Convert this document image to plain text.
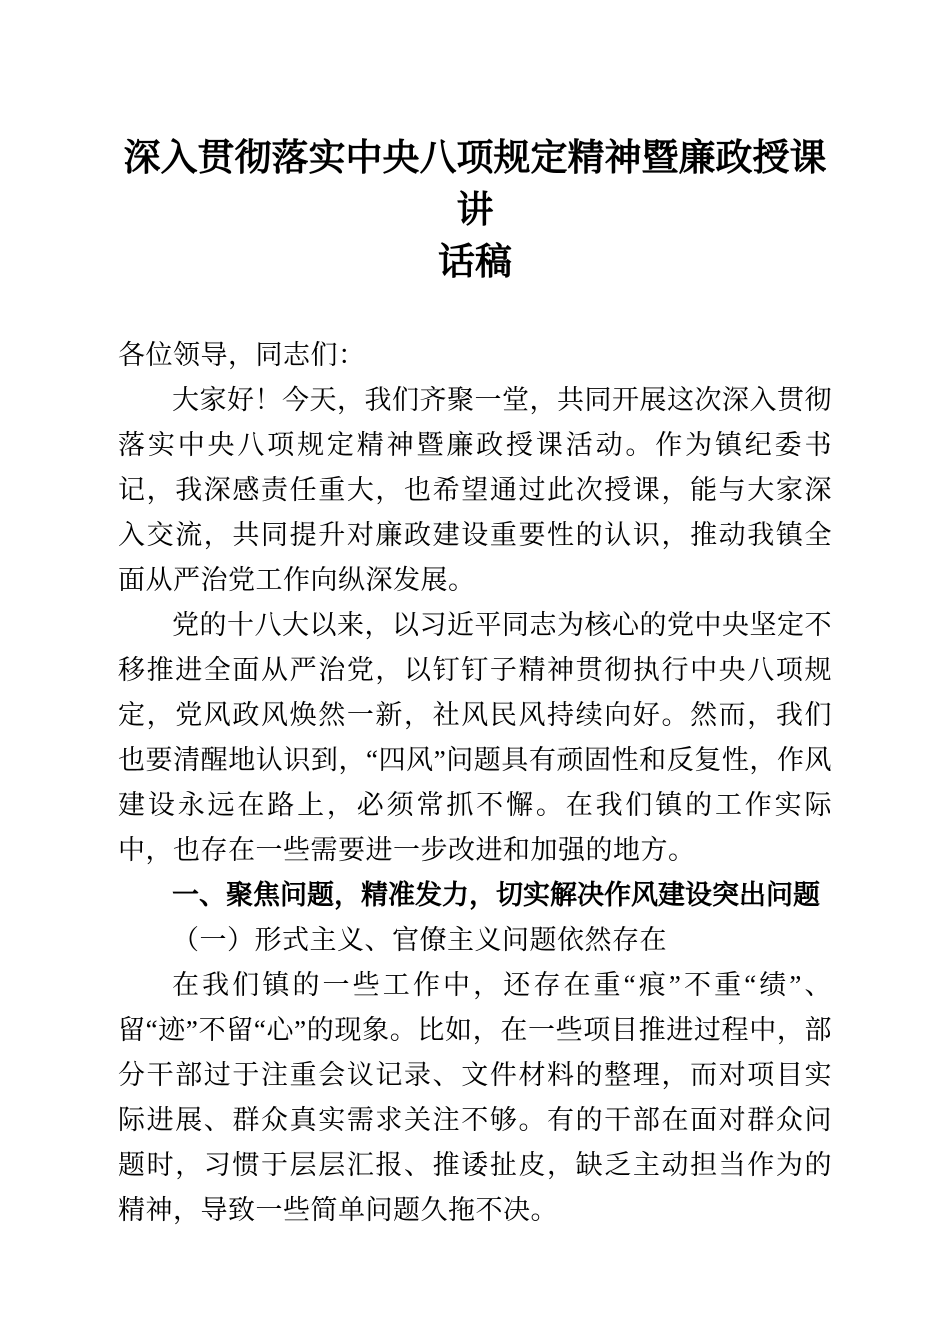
深入贯彻落实中央八项规定精神暨廉政授课讲
话稿

各位领导，同志们：

大家好！今天，我们齐聚一堂，共同开展这次深入贯彻落实中央八项规定精神暨廉政授课活动。作为镇纪委书记，我深感责任重大，也希望通过此次授课，能与大家深入交流，共同提升对廉政建设重要性的认识，推动我镇全面从严治党工作向纵深发展。

党的十八大以来，以习近平同志为核心的党中央坚定不移推进全面从严治党，以钉钉子精神贯彻执行中央八项规定，党风政风焕然一新，社风民风持续向好。然而，我们也要清醒地认识到，“四风”问题具有顽固性和反复性，作风建设永远在路上，必须常抓不懈。在我们镇的工作实际中，也存在一些需要进一步改进和加强的地方。

一、聚焦问题，精准发力，切实解决作风建设突出问题

（一）形式主义、官僚主义问题依然存在

在我们镇的一些工作中，还存在重“痕”不重“绩”、留“迹”不留“心”的现象。比如，在一些项目推进过程中，部分干部过于注重会议记录、文件材料的整理，而对项目实际进展、群众真实需求关注不够。有的干部在面对群众问题时，习惯于层层汇报、推诿扯皮，缺乏主动担当作为的精神，导致一些简单问题久拖不决。
